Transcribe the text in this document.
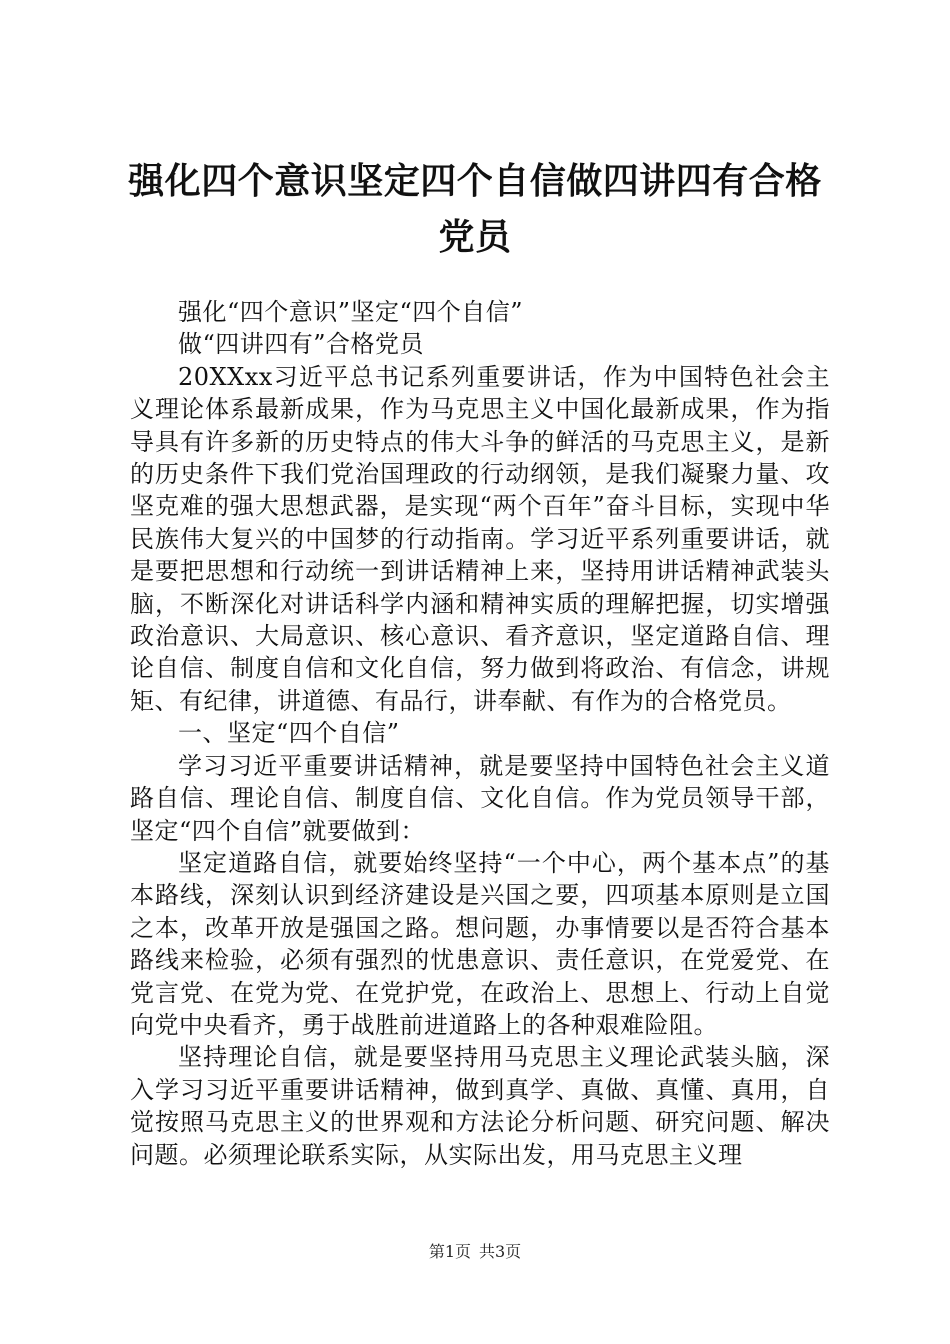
强化四个意识坚定四个自信做四讲四有合格党员

强化“四个意识”坚定“四个自信”

做“四讲四有”合格党员

20XXxx习近平总书记系列重要讲话，作为中国特色社会主义理论体系最新成果，作为马克思主义中国化最新成果，作为指导具有许多新的历史特点的伟大斗争的鲜活的马克思主义，是新的历史条件下我们党治国理政的行动纲领，是我们凝聚力量、攻坚克难的强大思想武器，是实现“两个百年”奋斗目标，实现中华民族伟大复兴的中国梦的行动指南。学习近平系列重要讲话，就是要把思想和行动统一到讲话精神上来，坚持用讲话精神武装头脑，不断深化对讲话科学内涵和精神实质的理解把握，切实增强政治意识、大局意识、核心意识、看齐意识，坚定道路自信、理论自信、制度自信和文化自信，努力做到将政治、有信念，讲规矩、有纪律，讲道德、有品行，讲奉献、有作为的合格党员。

一、坚定“四个自信”

学习习近平重要讲话精神，就是要坚持中国特色社会主义道路自信、理论自信、制度自信、文化自信。作为党员领导干部，坚定“四个自信”就要做到：

坚定道路自信，就要始终坚持“一个中心，两个基本点”的基本路线，深刻认识到经济建设是兴国之要，四项基本原则是立国之本，改革开放是强国之路。想问题，办事情要以是否符合基本路线来检验，必须有强烈的忧患意识、责任意识，在党爱党、在党言党、在党为党、在党护党，在政治上、思想上、行动上自觉向党中央看齐，勇于战胜前进道路上的各种艰难险阻。

坚持理论自信，就是要坚持用马克思主义理论武装头脑，深入学习习近平重要讲话精神，做到真学、真做、真懂、真用，自觉按照马克思主义的世界观和方法论分析问题、研究问题、解决问题。必须理论联系实际，从实际出发，用马克思主义理

第1页 共3页
